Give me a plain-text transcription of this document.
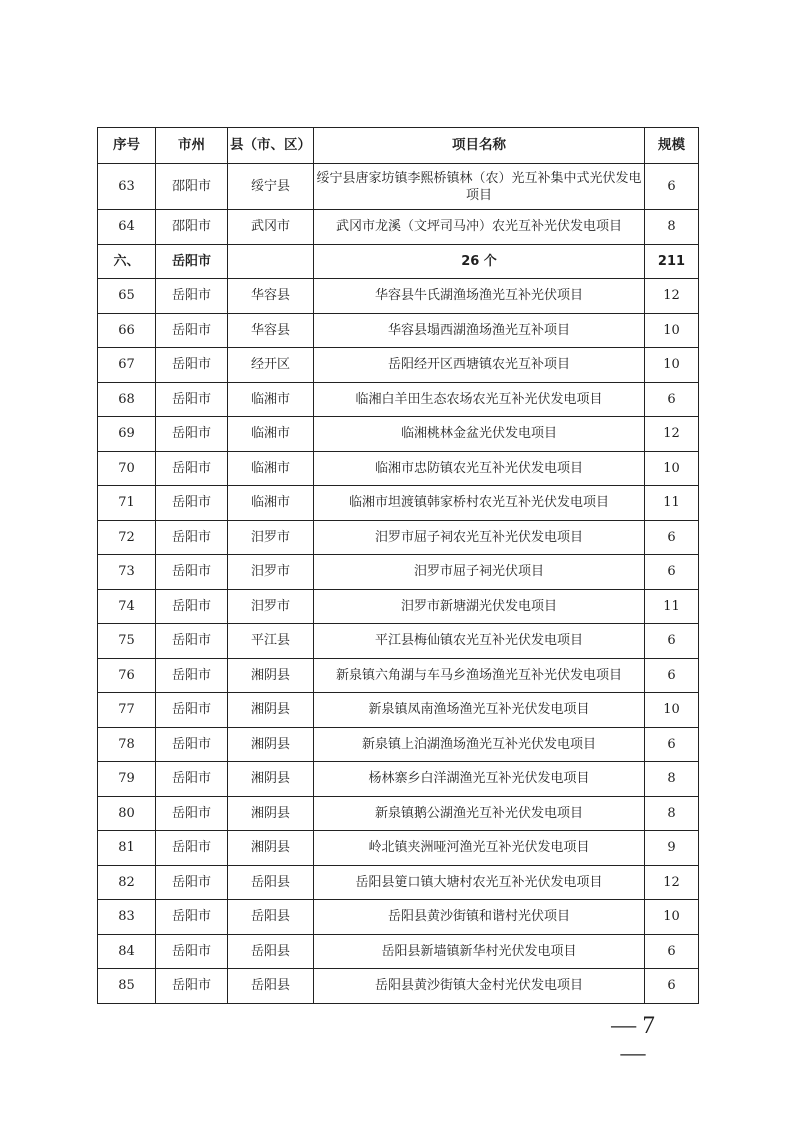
序号	市州	县（市、区）	项目名称	规模
63	邵阳市	绥宁县	绥宁县唐家坊镇李熙桥镇林（农）光互补集中式光伏发电项目	6
64	邵阳市	武冈市	武冈市龙溪（文坪司马冲）农光互补光伏发电项目	8
六、	岳阳市		26 个	211
65	岳阳市	华容县	华容县牛氏湖渔场渔光互补光伏项目	12
66	岳阳市	华容县	华容县塌西湖渔场渔光互补项目	10
67	岳阳市	经开区	岳阳经开区西塘镇农光互补项目	10
68	岳阳市	临湘市	临湘白羊田生态农场农光互补光伏发电项目	6
69	岳阳市	临湘市	临湘桃林金盆光伏发电项目	12
70	岳阳市	临湘市	临湘市忠防镇农光互补光伏发电项目	10
71	岳阳市	临湘市	临湘市坦渡镇韩家桥村农光互补光伏发电项目	11
72	岳阳市	汨罗市	汨罗市屈子祠农光互补光伏发电项目	6
73	岳阳市	汨罗市	汨罗市屈子祠光伏项目	6
74	岳阳市	汨罗市	汨罗市新塘湖光伏发电项目	11
75	岳阳市	平江县	平江县梅仙镇农光互补光伏发电项目	6
76	岳阳市	湘阴县	新泉镇六角湖与车马乡渔场渔光互补光伏发电项目	6
77	岳阳市	湘阴县	新泉镇凤南渔场渔光互补光伏发电项目	10
78	岳阳市	湘阴县	新泉镇上泊湖渔场渔光互补光伏发电项目	6
79	岳阳市	湘阴县	杨林寨乡白洋湖渔光互补光伏发电项目	8
80	岳阳市	湘阴县	新泉镇鹅公湖渔光互补光伏发电项目	8
81	岳阳市	湘阴县	岭北镇夹洲哑河渔光互补光伏发电项目	9
82	岳阳市	岳阳县	岳阳县筻口镇大塘村农光互补光伏发电项目	12
83	岳阳市	岳阳县	岳阳县黄沙街镇和谐村光伏项目	10
84	岳阳市	岳阳县	岳阳县新墙镇新华村光伏发电项目	6
85	岳阳市	岳阳县	岳阳县黄沙街镇大金村光伏发电项目	6
— 7 —
